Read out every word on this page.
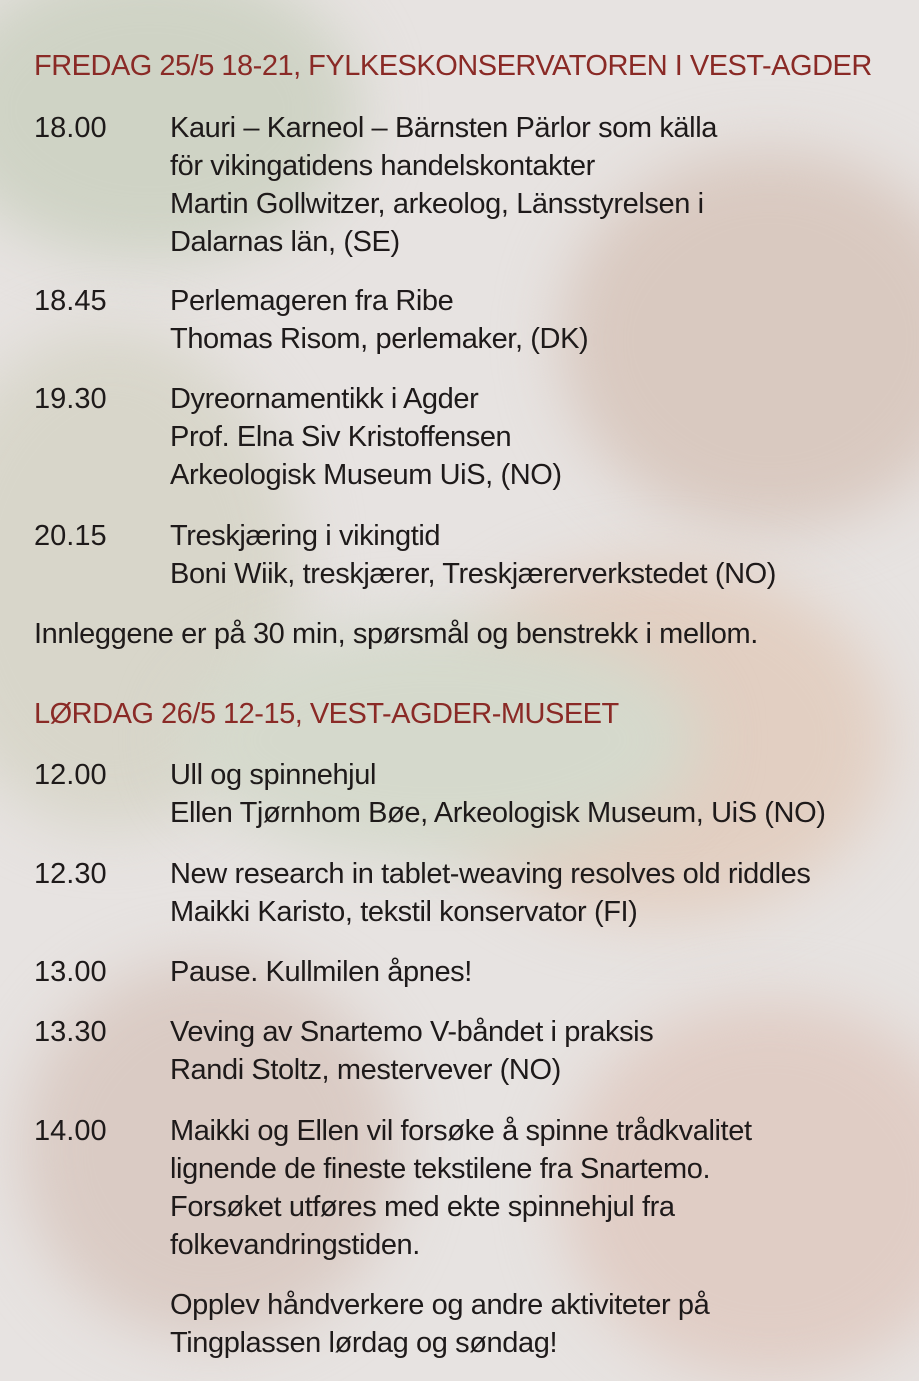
FREDAG 25/5 18-21, FYLKESKONSERVATOREN I VEST-AGDER
18.00 Kauri – Karneol – Bärnsten Pärlor som källa
för vikingatidens handelskontakter
Martin Gollwitzer, arkeolog, Länsstyrelsen i
Dalarnas län, (SE)
18.45 Perlemageren fra Ribe
Thomas Risom, perlemaker, (DK)
19.30 Dyreornamentikk i Agder
Prof. Elna Siv Kristoffensen
Arkeologisk Museum UiS, (NO)
20.15 Treskjæring i vikingtid
Boni Wiik, treskjærer, Treskjærerverkstedet (NO)
Innleggene er på 30 min, spørsmål og benstrekk i mellom.
LØRDAG 26/5 12-15, VEST-AGDER-MUSEET
12.00 Ull og spinnehjul
Ellen Tjørnhom Bøe, Arkeologisk Museum, UiS (NO)
12.30 New research in tablet-weaving resolves old riddles
Maikki Karisto, tekstil konservator (FI)
13.00 Pause. Kullmilen åpnes!
13.30 Veving av Snartemo V-båndet i praksis
Randi Stoltz, mestervever (NO)
14.00 Maikki og Ellen vil forsøke å spinne trådkvalitet
lignende de fineste tekstilene fra Snartemo.
Forsøket utføres med ekte spinnehjul fra
folkevandringstiden.
Opplev håndverkere og andre aktiviteter på
Tingplassen lørdag og søndag!
